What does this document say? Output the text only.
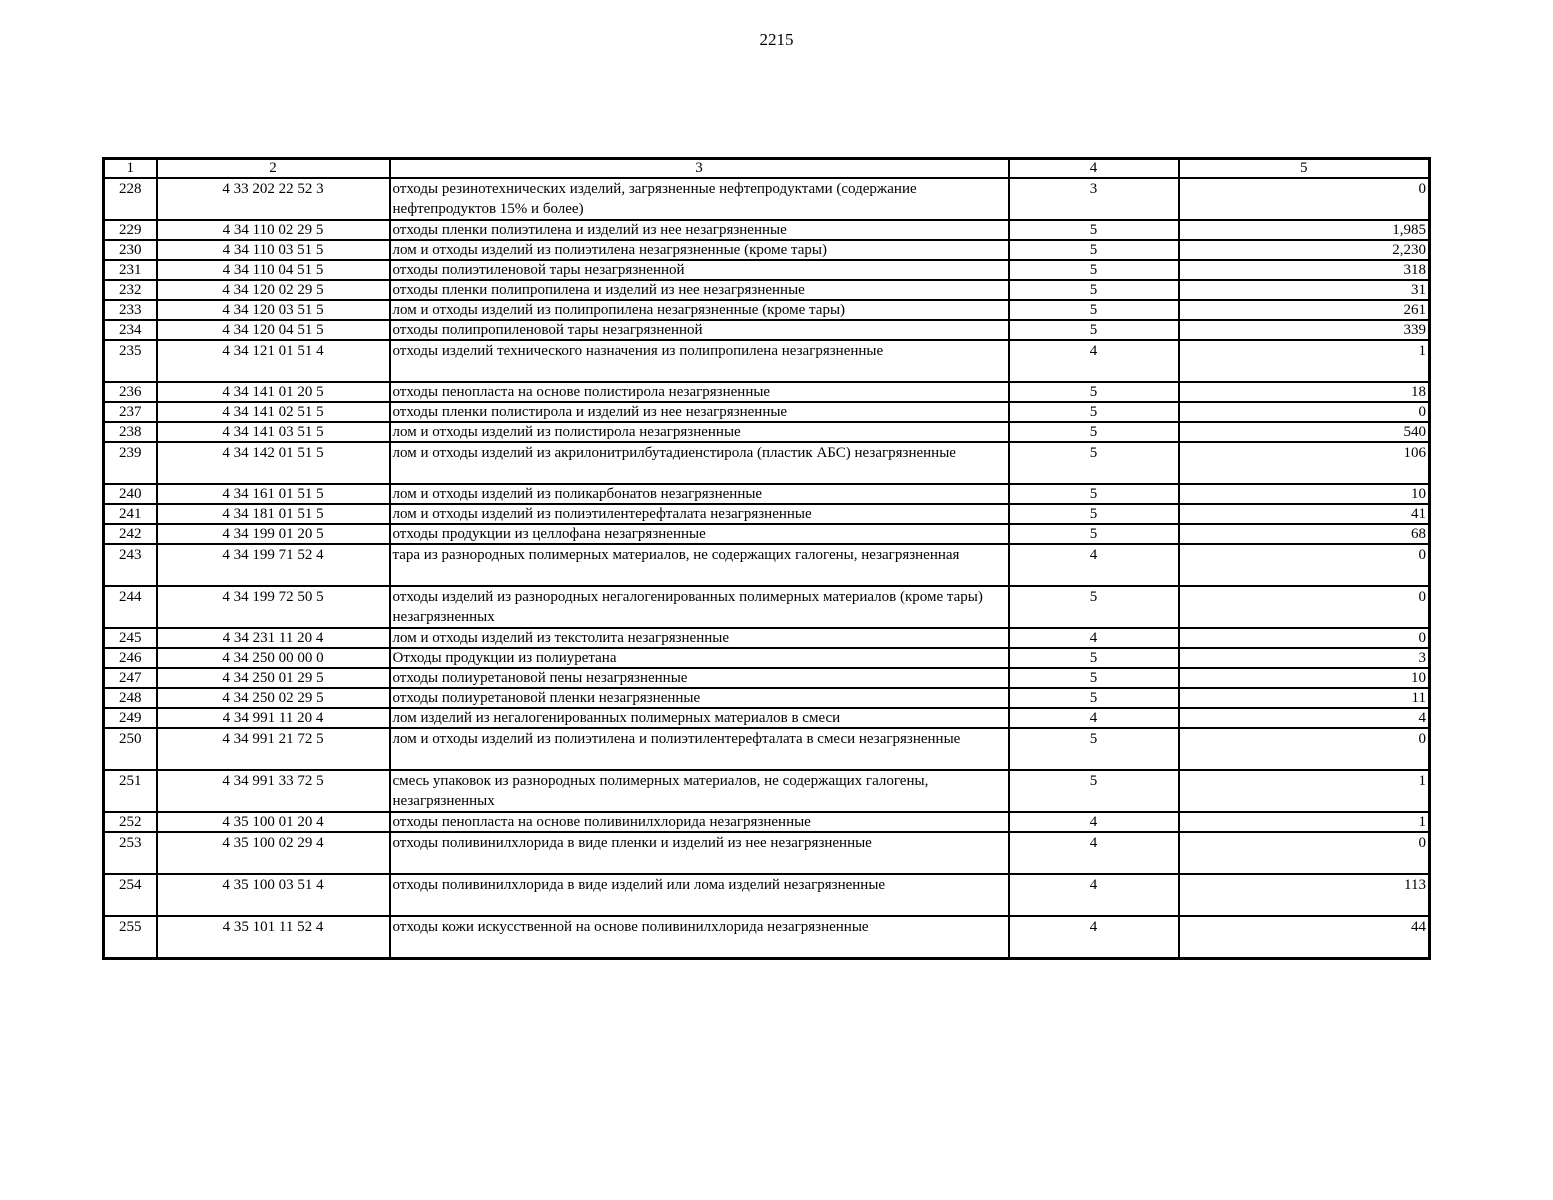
2215
1	2	3	4	5
228	4 33 202 22 52 3	отходы резинотехнических изделий, загрязненные нефтепродуктами (содержание нефтепродуктов 15% и более)	3	0
229	4 34 110 02 29 5	отходы пленки полиэтилена и изделий из нее незагрязненные	5	1,985
230	4 34 110 03 51 5	лом и отходы изделий из полиэтилена незагрязненные (кроме тары)	5	2,230
231	4 34 110 04 51 5	отходы полиэтиленовой тары незагрязненной	5	318
232	4 34 120 02 29 5	отходы пленки полипропилена и изделий из нее незагрязненные	5	31
233	4 34 120 03 51 5	лом и отходы изделий из полипропилена незагрязненные (кроме тары)	5	261
234	4 34 120 04 51 5	отходы полипропиленовой тары незагрязненной	5	339
235	4 34 121 01 51 4	отходы изделий технического назначения из полипропилена незагрязненные	4	1
236	4 34 141 01 20 5	отходы пенопласта на основе полистирола незагрязненные	5	18
237	4 34 141 02 51 5	отходы пленки полистирола и изделий из нее незагрязненные	5	0
238	4 34 141 03 51 5	лом и отходы изделий из полистирола незагрязненные	5	540
239	4 34 142 01 51 5	лом и отходы изделий из акрилонитрилбутадиенстирола (пластик АБС) незагрязненные	5	106
240	4 34 161 01 51 5	лом и отходы изделий из поликарбонатов незагрязненные	5	10
241	4 34 181 01 51 5	лом и отходы изделий из полиэтилентерефталата незагрязненные	5	41
242	4 34 199 01 20 5	отходы продукции из целлофана незагрязненные	5	68
243	4 34 199 71 52 4	тара из разнородных полимерных материалов, не содержащих галогены, незагрязненная	4	0
244	4 34 199 72 50 5	отходы изделий из разнородных негалогенированных полимерных материалов (кроме тары) незагрязненных	5	0
245	4 34 231 11 20 4	лом и отходы изделий из текстолита незагрязненные	4	0
246	4 34 250 00 00 0	Отходы продукции из полиуретана	5	3
247	4 34 250 01 29 5	отходы полиуретановой пены незагрязненные	5	10
248	4 34 250 02 29 5	отходы полиуретановой пленки незагрязненные	5	11
249	4 34 991 11 20 4	лом изделий из негалогенированных полимерных материалов в смеси	4	4
250	4 34 991 21 72 5	лом и отходы изделий из полиэтилена и полиэтилентерефталата в смеси незагрязненные	5	0
251	4 34 991 33 72 5	смесь упаковок из разнородных полимерных материалов, не содержащих галогены, незагрязненных	5	1
252	4 35 100 01 20 4	отходы пенопласта на основе поливинилхлорида незагрязненные	4	1
253	4 35 100 02 29 4	отходы поливинилхлорида в виде пленки и изделий из нее незагрязненные	4	0
254	4 35 100 03 51 4	отходы поливинилхлорида в виде изделий или лома изделий незагрязненные	4	113
255	4 35 101 11 52 4	отходы кожи искусственной на основе поливинилхлорида незагрязненные	4	44
